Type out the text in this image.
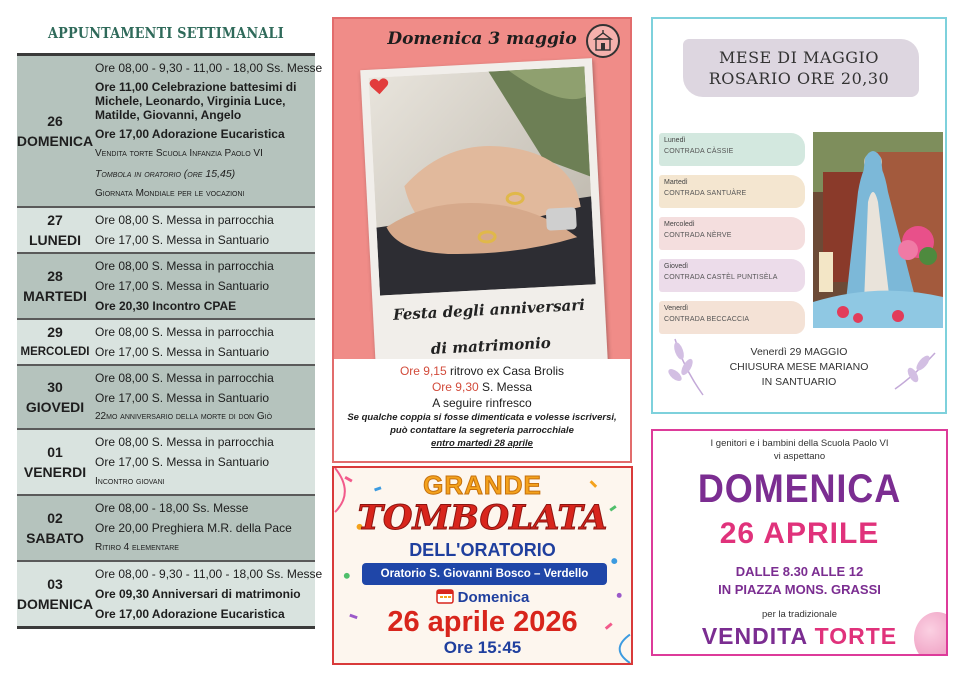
APPUNTAMENTI SETTIMANALI
26
DOMENICA
Ore 08,00 - 9,30 - 11,00 - 18,00 Ss. Messe
Ore 11,00 Celebrazione battesimi di Michele, Leonardo, Virginia Luce, Matilde, Giovanni, Angelo
Ore 17,00 Adorazione Eucaristica
Vendita torte Scuola Infanzia Paolo VI
Tombola in oratorio (ore 15,45)
Giornata Mondiale per le vocazioni
27
LUNEDI
Ore 08,00 S. Messa in parrocchia
Ore 17,00 S. Messa in Santuario
28
MARTEDI
Ore 08,00 S. Messa in parrocchia
Ore 17,00 S. Messa in Santuario
Ore 20,30 Incontro CPAE
29
MERCOLEDI
Ore 08,00 S. Messa in parrocchia
Ore 17,00 S. Messa in Santuario
30
GIOVEDI
Ore 08,00 S. Messa in parrocchia
Ore 17,00 S. Messa in Santuario
22mo anniversario della morte di don Giò
01
VENERDI
Ore 08,00 S. Messa in parrocchia
Ore 17,00 S. Messa in Santuario
Incontro giovani
02
SABATO
Ore 08,00 - 18,00 Ss. Messe
Ore 20,00 Preghiera M.R. della Pace
Ritiro 4 elementare
03
DOMENICA
Ore 08,00 - 9,30 - 11,00 - 18,00 Ss. Messe
Ore 09,30 Anniversari di matrimonio
Ore 17,00 Adorazione Eucaristica
Domenica 3 maggio
Festa degli anniversari
di matrimonio
Ore 9,15 ritrovo ex Casa Brolis
Ore 9,30 S. Messa
A seguire rinfresco
Se qualche coppia si fosse dimenticata e volesse iscriversi,
può contattare la segreteria parrocchiale
entro martedì 28 aprile
GRANDE
TOMBOLATA
DELL'ORATORIO
Oratorio S. Giovanni Bosco – Verdello
Domenica
26 aprile 2026
Ore 15:45
MESE DI MAGGIO
ROSARIO ORE 20,30
Lunedì
CONTRADA CÀSSIE
Martedì
CONTRADA SANTUÀRE
Mercoledì
CONTRADA NÈRVE
Giovedì
CONTRADA CASTÈL PUNTISÈLA
Venerdì
CONTRADA BECCACCIA
Venerdì 29 MAGGIO
CHIUSURA MESE MARIANO
IN SANTUARIO
I genitori e i bambini della Scuola Paolo VI
vi aspettano
DOMENICA
26 APRILE
DALLE 8.30 ALLE 12
IN PIAZZA MONS. GRASSI
per la tradizionale
VENDITA TORTE
